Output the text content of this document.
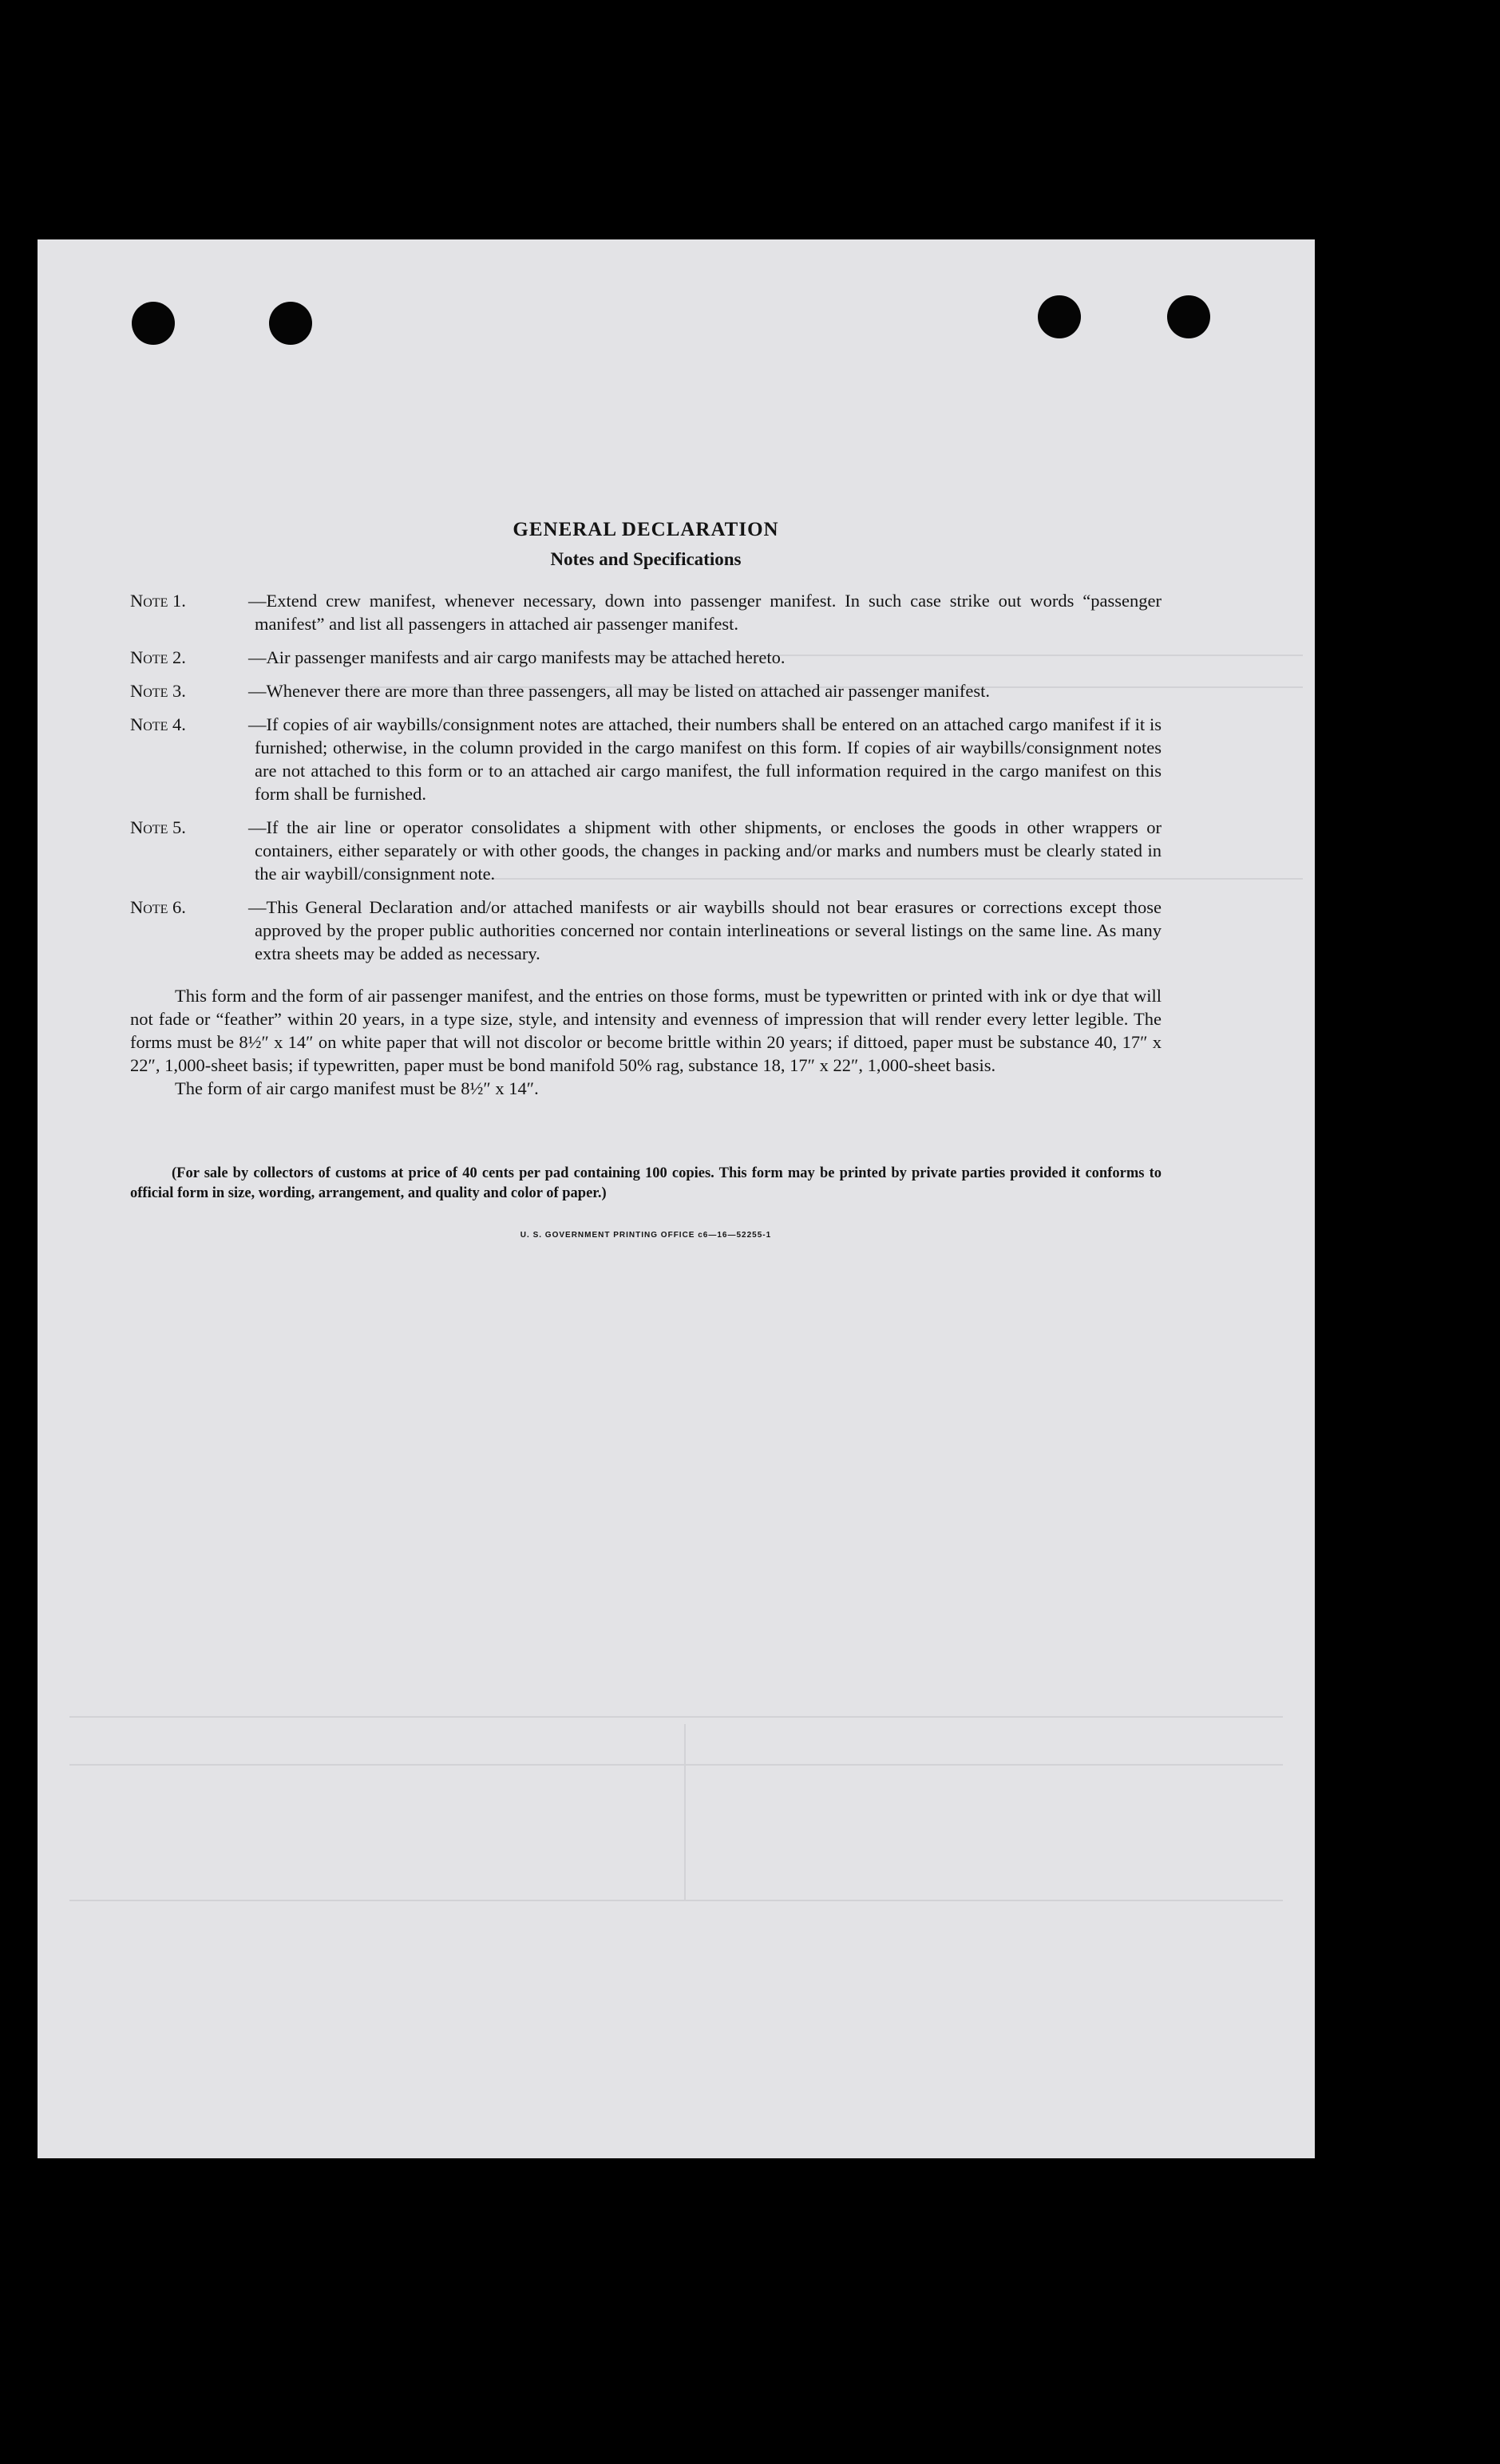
GENERAL DECLARATION
Notes and Specifications
Note 1.	—Extend crew manifest, whenever necessary, down into passenger manifest. In such case strike out words “passenger manifest” and list all passengers in attached air passenger manifest.
Note 2.	—Air passenger manifests and air cargo manifests may be attached hereto.
Note 3.	—Whenever there are more than three passengers, all may be listed on attached air passenger manifest.
Note 4.	—If copies of air waybills/consignment notes are attached, their numbers shall be entered on an attached cargo manifest if it is furnished; otherwise, in the column provided in the cargo manifest on this form. If copies of air waybills/consignment notes are not attached to this form or to an attached air cargo manifest, the full information required in the cargo manifest on this form shall be furnished.
Note 5.	—If the air line or operator consolidates a shipment with other shipments, or encloses the goods in other wrappers or containers, either separately or with other goods, the changes in packing and/or marks and numbers must be clearly stated in the air waybill/consignment note.
Note 6.	—This General Declaration and/or attached manifests or air waybills should not bear erasures or corrections except those approved by the proper public authorities concerned nor contain interlineations or several listings on the same line. As many extra sheets may be added as necessary.

This form and the form of air passenger manifest, and the entries on those forms, must be typewritten or printed with ink or dye that will not fade or “feather” within 20 years, in a type size, style, and intensity and evenness of impression that will render every letter legible. The forms must be 8½″ x 14″ on white paper that will not discolor or become brittle within 20 years; if dittoed, paper must be substance 40, 17″ x 22″, 1,000-sheet basis; if typewritten, paper must be bond manifold 50% rag, substance 18, 17″ x 22″, 1,000-sheet basis.

The form of air cargo manifest must be 8½″ x 14″.

(For sale by collectors of customs at price of 40 cents per pad containing 100 copies. This form may be printed by private parties provided it conforms to official form in size, wording, arrangement, and quality and color of paper.)

U. S. GOVERNMENT PRINTING OFFICE c6—16—52255-1
